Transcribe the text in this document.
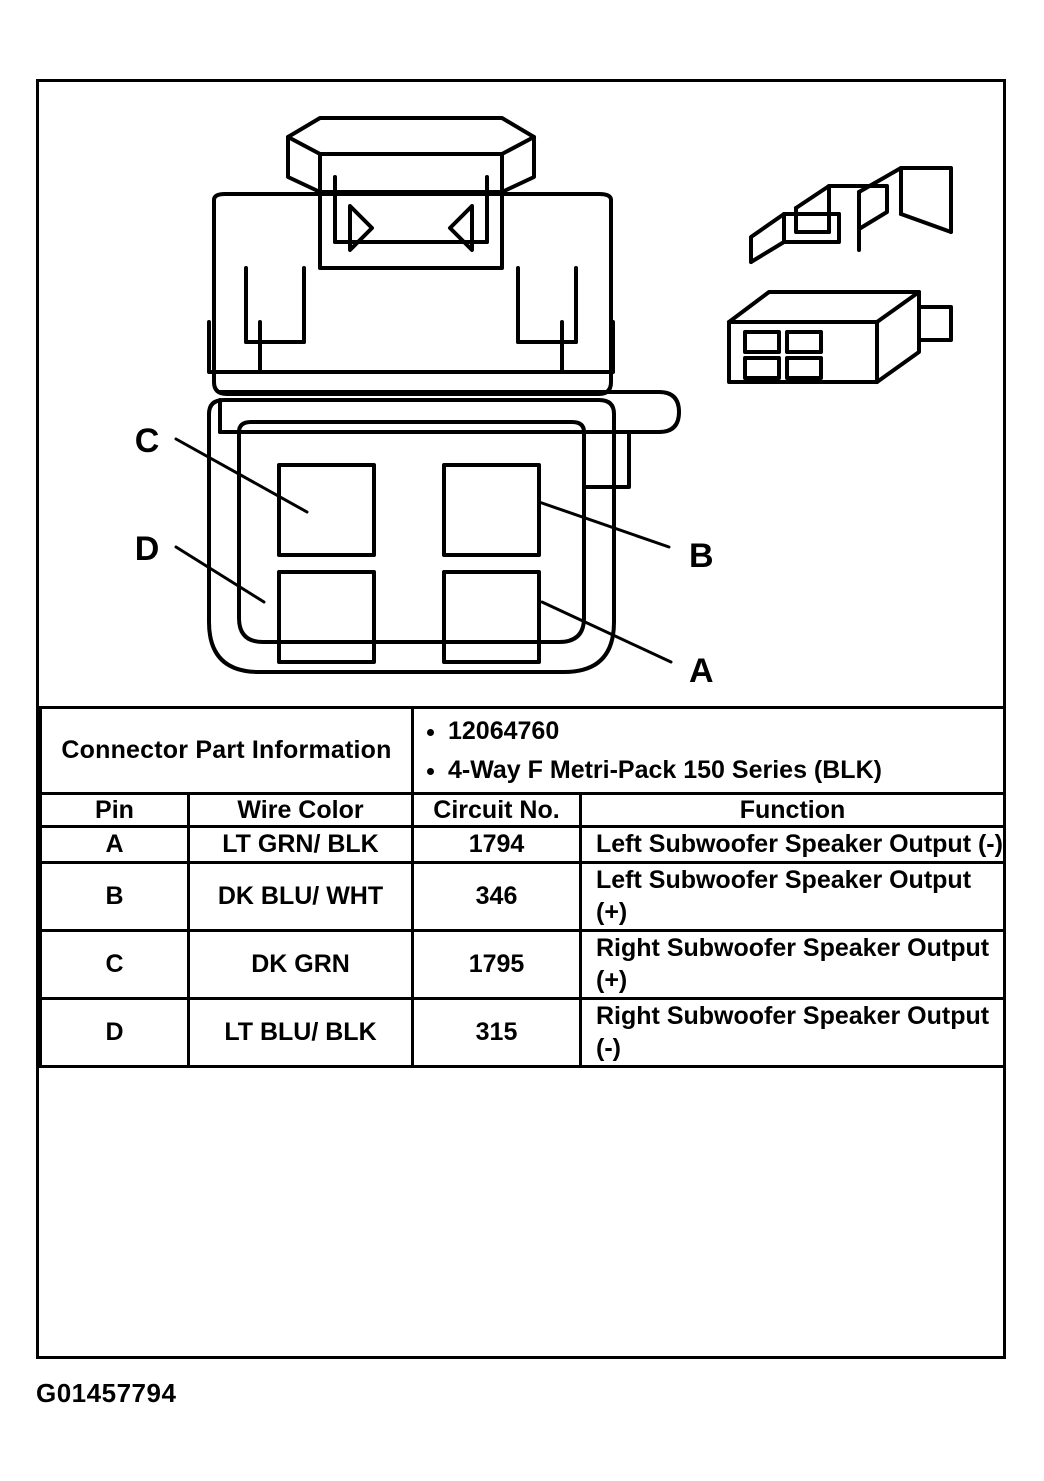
C
D	B
A
Connector Part Information	
• 12064760
• 4-Way F Metri-Pack 150 Series (BLK)

Pin	Wire Color	Circuit No.	Function
A	LT GRN/ BLK	1794	Left Subwoofer Speaker Output (-)
B	DK BLU/ WHT	346	Left Subwoofer Speaker Output (+)
C	DK GRN	1795	Right Subwoofer Speaker Output (+)
D	LT BLU/ BLK	315	Right Subwoofer Speaker Output (-)
G01457794
